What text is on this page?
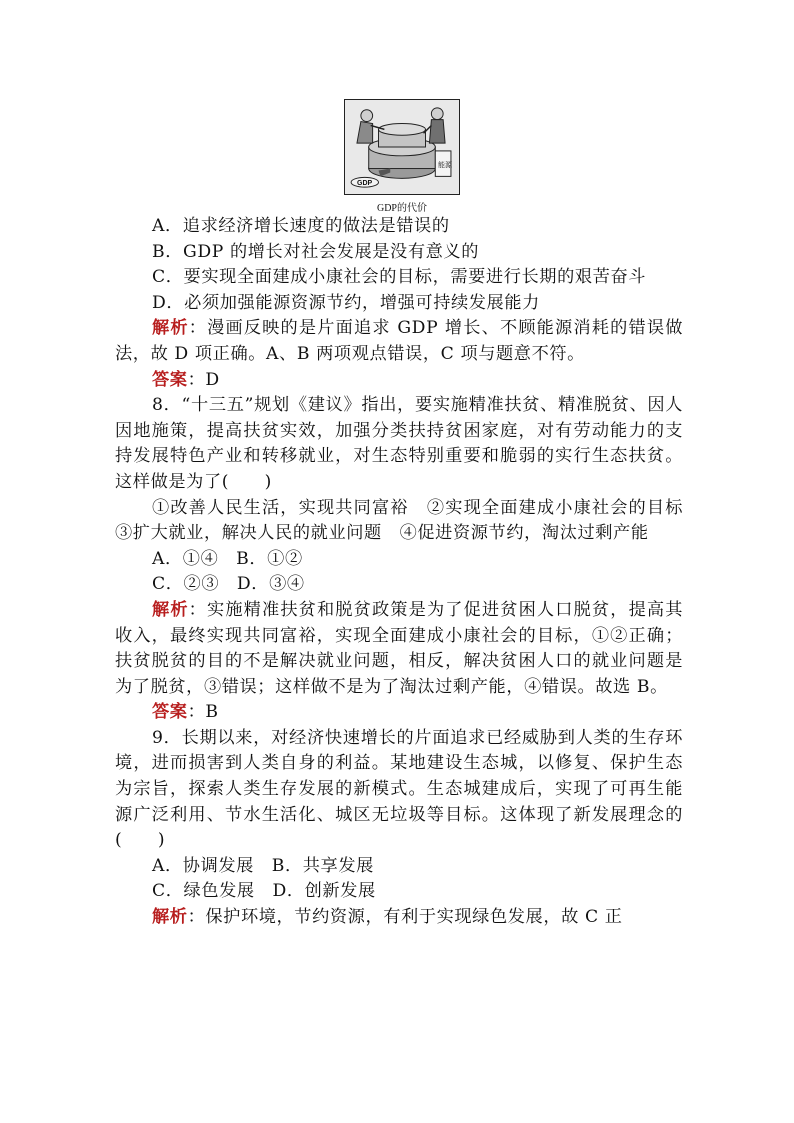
GDP
能源
GDP的代价

A．追求经济增长速度的做法是错误的

B．GDP 的增长对社会发展是没有意义的

C．要实现全面建成小康社会的目标，需要进行长期的艰苦奋斗

D．必须加强能源资源节约，增强可持续发展能力

解析：漫画反映的是片面追求 GDP 增长、不顾能源消耗的错误做法，故 D 项正确。A、B 两项观点错误，C 项与题意不符。

答案：D

8．“十三五”规划《建议》指出，要实施精准扶贫、精准脱贫、因人因地施策，提高扶贫实效，加强分类扶持贫困家庭，对有劳动能力的支持发展特色产业和转移就业，对生态特别重要和脆弱的实行生态扶贫。这样做是为了(　　)

①改善人民生活，实现共同富裕　②实现全面建成小康社会的目标　③扩大就业，解决人民的就业问题　④促进资源节约，淘汰过剩产能

A．①④　B．①②

C．②③　D．③④

解析：实施精准扶贫和脱贫政策是为了促进贫困人口脱贫，提高其收入，最终实现共同富裕，实现全面建成小康社会的目标，①②正确；扶贫脱贫的目的不是解决就业问题，相反，解决贫困人口的就业问题是为了脱贫，③错误；这样做不是为了淘汰过剩产能，④错误。故选 B。

答案：B

9．长期以来，对经济快速增长的片面追求已经威胁到人类的生存环境，进而损害到人类自身的利益。某地建设生态城，以修复、保护生态为宗旨，探索人类生存发展的新模式。生态城建成后，实现了可再生能源广泛利用、节水生活化、城区无垃圾等目标。这体现了新发展理念的(　　)

A．协调发展　B．共享发展

C．绿色发展　D．创新发展

解析：保护环境，节约资源，有利于实现绿色发展，故 C 正
